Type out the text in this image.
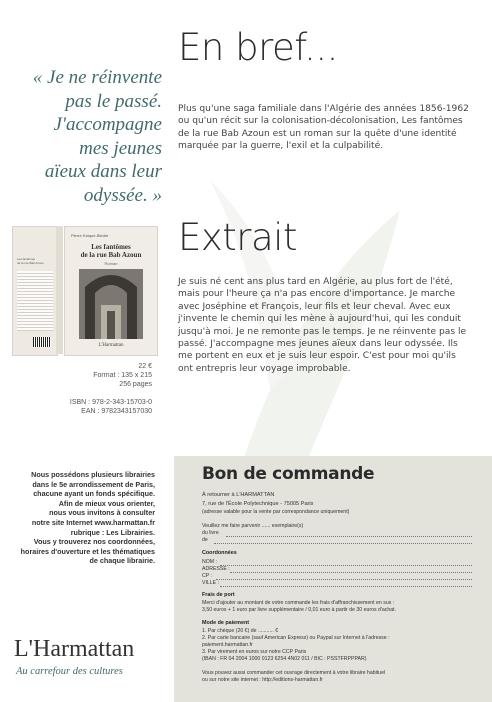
« Je ne réinvente
pas le passé.
J'accompagne
mes jeunes
aïeux dans leur
odyssée. »
En bref...
Plus qu'une saga familiale dans l'Algérie des années 1856-1962
ou qu'un récit sur la colonisation-décolonisation, Les fantômes
de la rue Bab Azoun est un roman sur la quête d'une identité
marquée par la guerre, l'exil et la culpabilité.
Extrait
Je suis né cent ans plus tard en Algérie, au plus fort de l'été,
mais pour l'heure ça n'a pas encore d'importance. Je marche
avec Joséphine et François, leur fils et leur cheval. Avec eux
j'invente le chemin qui les mène à aujourd'hui, qui les conduit
jusqu'à moi. Je ne remonte pas le temps. Je ne réinvente pas le
passé. J'accompagne mes jeunes aïeux dans leur odyssée. Ils
me portent en eux et je suis leur espoir. C'est pour moi qu'ils
ont entrepris leur voyage improbable.
Les fantômes
de la rue Bab Azoun
Pierre Kaïque-Blédre
Les fantômes
de la rue Bab Azoun
Roman
L'Harmattan
22 €
Format : 135 x 215
256 pages
ISBN : 978-2-343-15703-0
EAN : 9782343157030
Nous possédons plusieurs librairies
dans le 5e arrondissement de Paris,
chacune ayant un fonds spécifique.
Afin de mieux vous orienter,
nous vous invitons à consulter
notre site Internet www.harmattan.fr
rubrique : Les Librairies.
Vous y trouverez nos coordonnées,
horaires d'ouverture et les thématiques
de chaque librairie.
L'Harmattan
Au carrefour des cultures
Bon de commande
À retourner à L'HARMATTAN
7, rue de l'École Polytechnique - 75005 Paris
(adresse valable pour la vente par correspondance uniquement)
Veuillez me faire parvenir ...... exemplaire(s)
du livre
de
Coordonnées
NOM :
ADRESSE :
CP :
VILLE :
Frais de port
Merci d'ajouter au montant de votre commande les frais d'affranchissement en sus :
3,50 euros + 1 euro par livre supplémentaire / 0,01 euro à partir de 30 euros d'achat.
Mode de paiement
1. Par chèque (20 €) de ........... €
2. Par carte bancaire (sauf American Express) ou Paypal sur Internet à l'adresse :
paiement.harmattan.fr
3. Par virement en euros sur notre CCP Paris
(IBAN : FR 04 2004 1000 0123 6254 4N02 011 / BIC : PSSTFRPPPAR)
Vous pouvez aussi commander cet ouvrage directement à votre libraire habituel
ou sur notre site internet : http://editions-harmattan.fr
